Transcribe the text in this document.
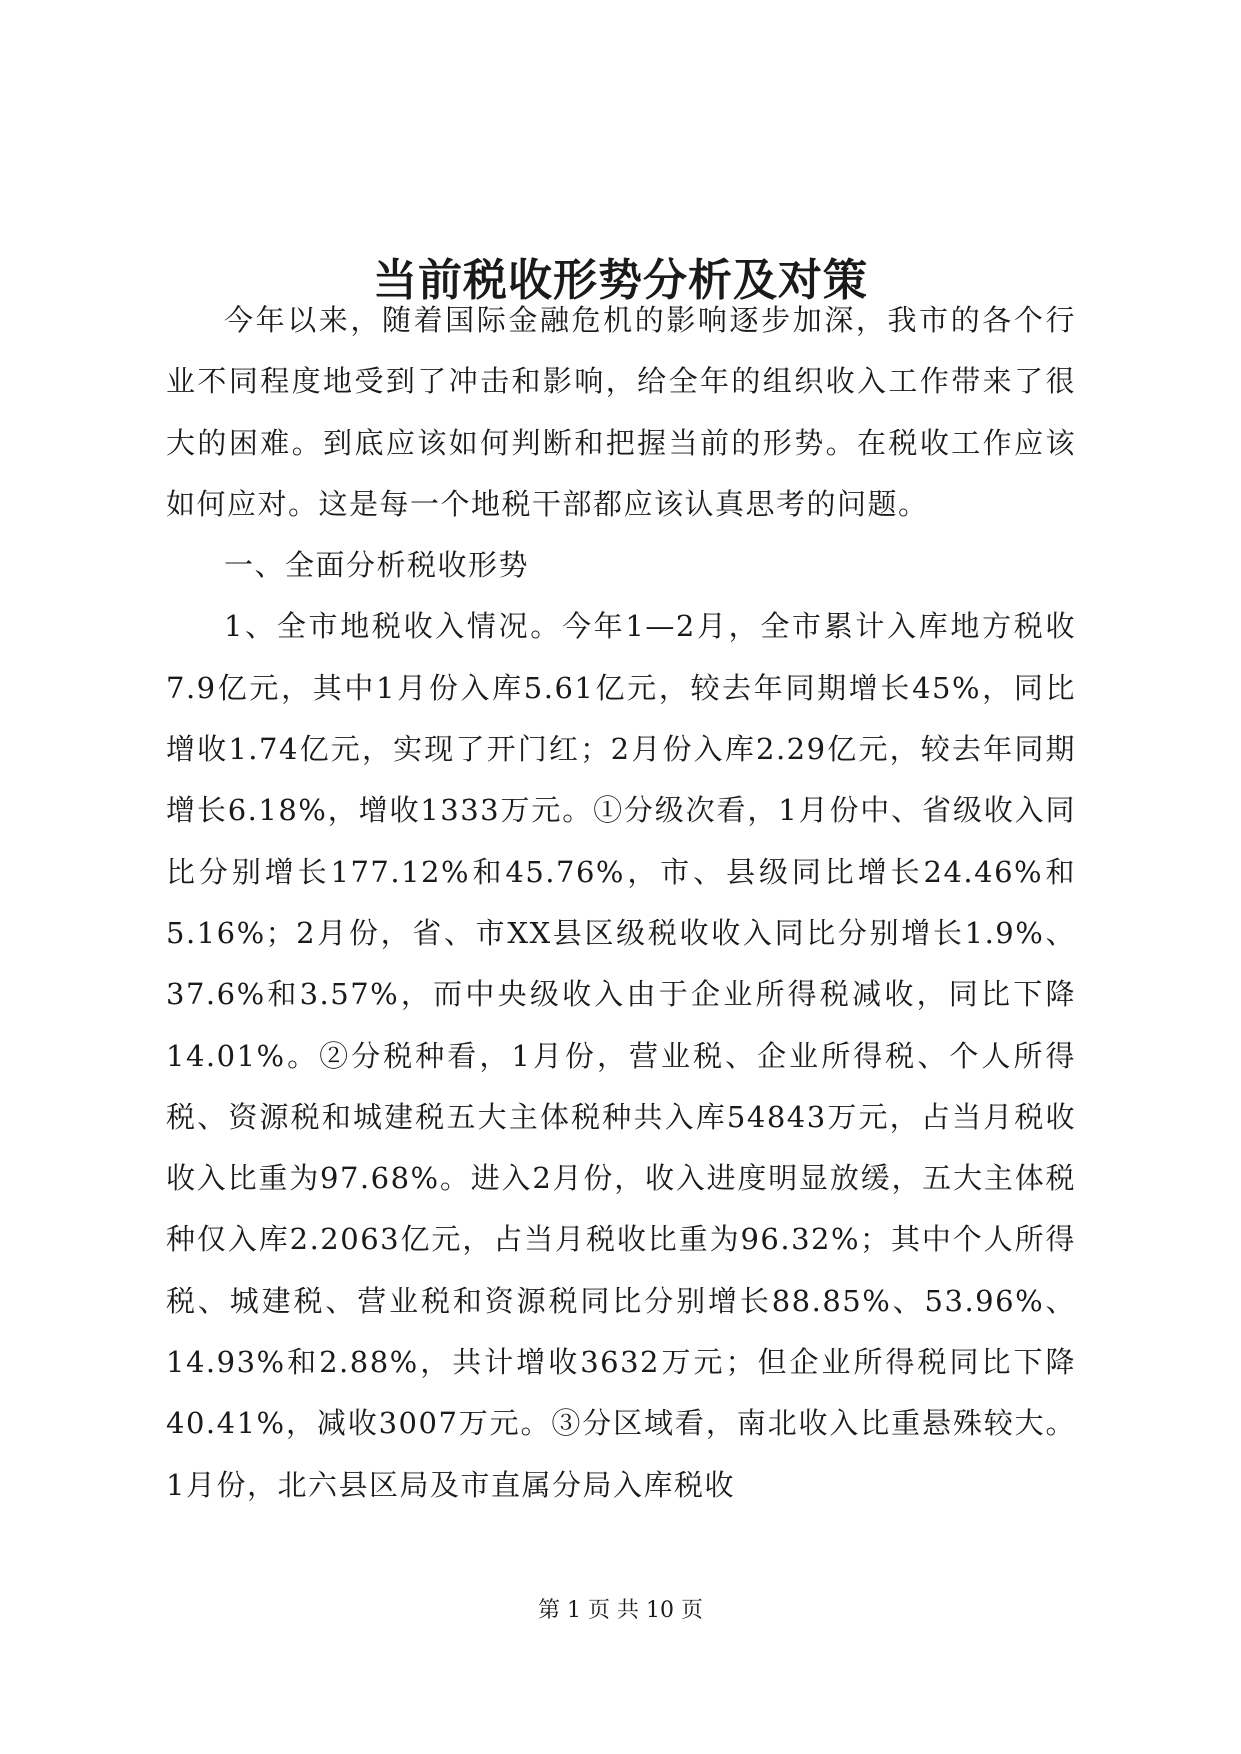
当前税收形势分析及对策

今年以来，随着国际金融危机的影响逐步加深，我市的各个行业不同程度地受到了冲击和影响，给全年的组织收入工作带来了很大的困难。到底应该如何判断和把握当前的形势。在税收工作应该如何应对。这是每一个地税干部都应该认真思考的问题。

一、全面分析税收形势

1、全市地税收入情况。今年1—2月，全市累计入库地方税收7.9亿元，其中1月份入库5.61亿元，较去年同期增长45%，同比增收1.74亿元，实现了开门红；2月份入库2.29亿元，较去年同期增长6.18%，增收1333万元。①分级次看，1月份中、省级收入同比分别增长177.12%和45.76%，市、县级同比增长24.46%和5.16%；2月份，省、市XX县区级税收收入同比分别增长1.9%、37.6%和3.57%，而中央级收入由于企业所得税减收，同比下降14.01%。②分税种看，1月份，营业税、企业所得税、个人所得税、资源税和城建税五大主体税种共入库54843万元，占当月税收收入比重为97.68%。进入2月份，收入进度明显放缓，五大主体税种仅入库2.2063亿元，占当月税收比重为96.32%；其中个人所得税、城建税、营业税和资源税同比分别增长88.85%、53.96%、14.93%和2.88%，共计增收3632万元；但企业所得税同比下降40.41%，减收3007万元。③分区域看，南北收入比重悬殊较大。1月份，北六县区局及市直属分局入库税收

第 1 页 共 10 页
